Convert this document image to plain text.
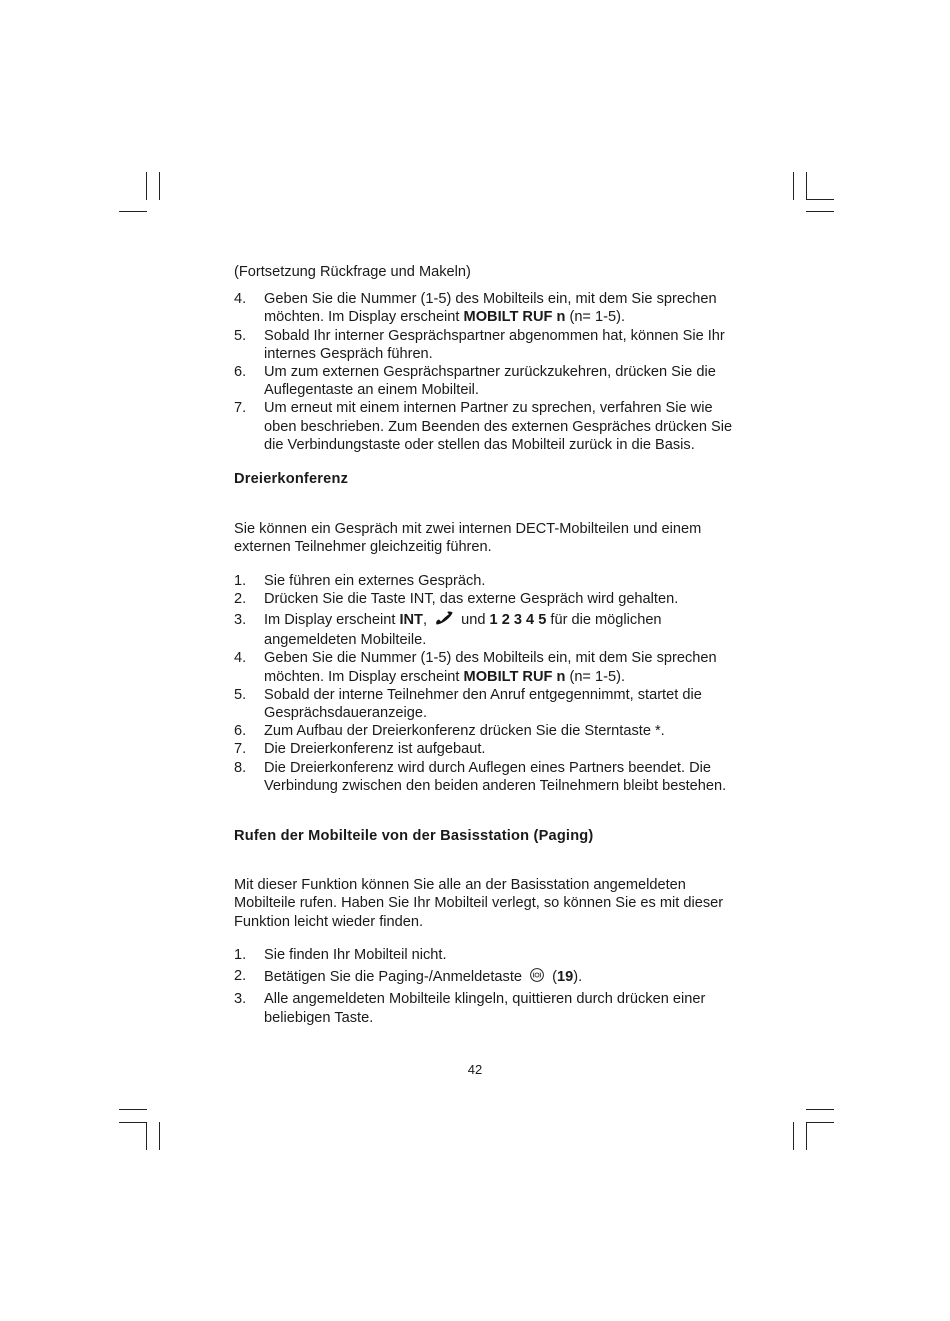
(Fortsetzung Rückfrage und Makeln)

4. Geben Sie die Nummer (1-5) des Mobilteils ein, mit dem Sie sprechen möchten. Im Display erscheint MOBILT RUF n (n= 1-5).
5. Sobald Ihr interner Gesprächspartner abgenommen hat, können Sie Ihr internes Gespräch führen.
6. Um zum externen Gesprächspartner zurückzukehren, drücken Sie die Auflegentaste an einem Mobilteil.
7. Um erneut mit einem internen Partner zu sprechen, verfahren Sie wie oben beschrieben. Zum Beenden des externen Gespräches drücken Sie die Verbindungstaste oder stellen das Mobilteil zurück in die Basis.

Dreierkonferenz

Sie können ein Gespräch mit zwei internen DECT-Mobilteilen und einem externen Teilnehmer gleichzeitig führen.

1. Sie führen ein externes Gespräch.
2. Drücken Sie die Taste INT, das externe Gespräch wird gehalten.
3. Im Display erscheint INT,  und 1 2 3 4 5 für die möglichen angemeldeten Mobilteile.
4. Geben Sie die Nummer (1-5) des Mobilteils ein, mit dem Sie sprechen möchten. Im Display erscheint MOBILT RUF n (n= 1-5).
5. Sobald der interne Teilnehmer den Anruf entgegennimmt, startet die Gesprächsdaueranzeige.
6. Zum Aufbau der Dreierkonferenz drücken Sie die Sterntaste *.
7. Die Dreierkonferenz ist aufgebaut.
8. Die Dreierkonferenz wird durch Auflegen eines Partners beendet. Die Verbindung zwischen den beiden anderen Teilnehmern bleibt bestehen.

Rufen der Mobilteile von der Basisstation (Paging)

Mit dieser Funktion können Sie alle an der Basisstation angemeldeten Mobilteile rufen. Haben Sie Ihr Mobilteil verlegt, so können Sie es mit dieser Funktion leicht wieder finden.

1. Sie finden Ihr Mobilteil nicht.
2. Betätigen Sie die Paging-/Anmeldetaste  (19).
3. Alle angemeldeten Mobilteile klingeln, quittieren durch drücken einer beliebigen Taste.
42
